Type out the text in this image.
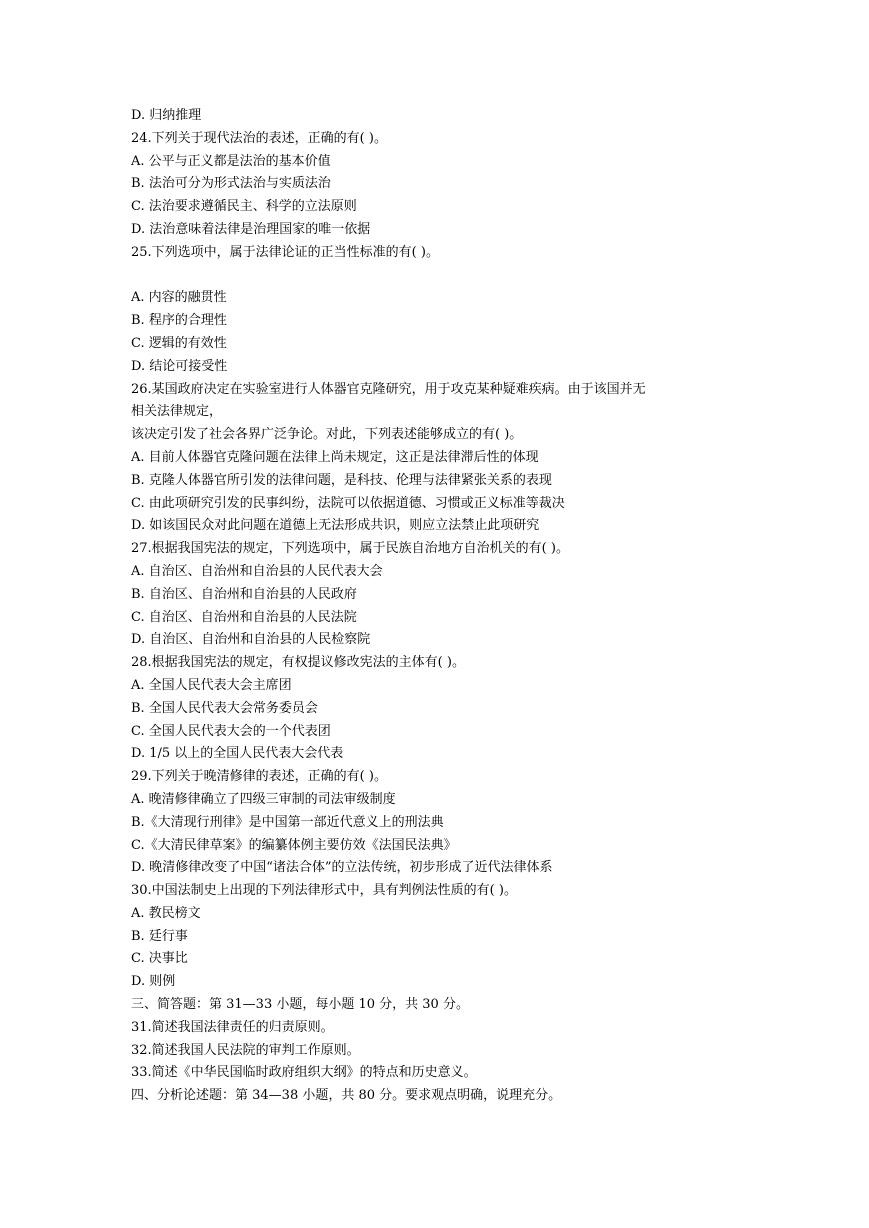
D. 归纳推理
24.下列关于现代法治的表述，正确的有( )。
A. 公平与正义都是法治的基本价值
B. 法治可分为形式法治与实质法治
C. 法治要求遵循民主、科学的立法原则
D. 法治意味着法律是治理国家的唯一依据
25.下列选项中，属于法律论证的正当性标准的有( )。
A. 内容的融贯性
B. 程序的合理性
C. 逻辑的有效性
D. 结论可接受性
26.某国政府决定在实验室进行人体器官克隆研究，用于攻克某种疑难疾病。由于该国并无
相关法律规定，
该决定引发了社会各界广泛争论。对此，下列表述能够成立的有( )。
A. 目前人体器官克隆问题在法律上尚未规定，这正是法律滞后性的体现
B. 克隆人体器官所引发的法律问题，是科技、伦理与法律紧张关系的表现
C. 由此项研究引发的民事纠纷，法院可以依据道德、习惯或正义标准等裁决
D. 如该国民众对此问题在道德上无法形成共识，则应立法禁止此项研究
27.根据我国宪法的规定，下列选项中，属于民族自治地方自治机关的有( )。
A. 自治区、自治州和自治县的人民代表大会
B. 自治区、自治州和自治县的人民政府
C. 自治区、自治州和自治县的人民法院
D. 自治区、自治州和自治县的人民检察院
28.根据我国宪法的规定，有权提议修改宪法的主体有( )。
A. 全国人民代表大会主席团
B. 全国人民代表大会常务委员会
C. 全国人民代表大会的一个代表团
D. 1/5 以上的全国人民代表大会代表
29.下列关于晚清修律的表述，正确的有( )。
A. 晚清修律确立了四级三审制的司法审级制度
B.《大清现行刑律》是中国第一部近代意义上的刑法典
C.《大清民律草案》的编纂体例主要仿效《法国民法典》
D. 晚清修律改变了中国“诸法合体”的立法传统，初步形成了近代法律体系
30.中国法制史上出现的下列法律形式中，具有判例法性质的有( )。
A. 教民榜文
B. 廷行事
C. 决事比
D. 则例
三、简答题：第 31—33 小题，每小题 10 分，共 30 分。
31.简述我国法律责任的归责原则。
32.简述我国人民法院的审判工作原则。
33.简述《中华民国临时政府组织大纲》的特点和历史意义。
四、分析论述题：第 34—38 小题，共 80 分。要求观点明确，说理充分。
